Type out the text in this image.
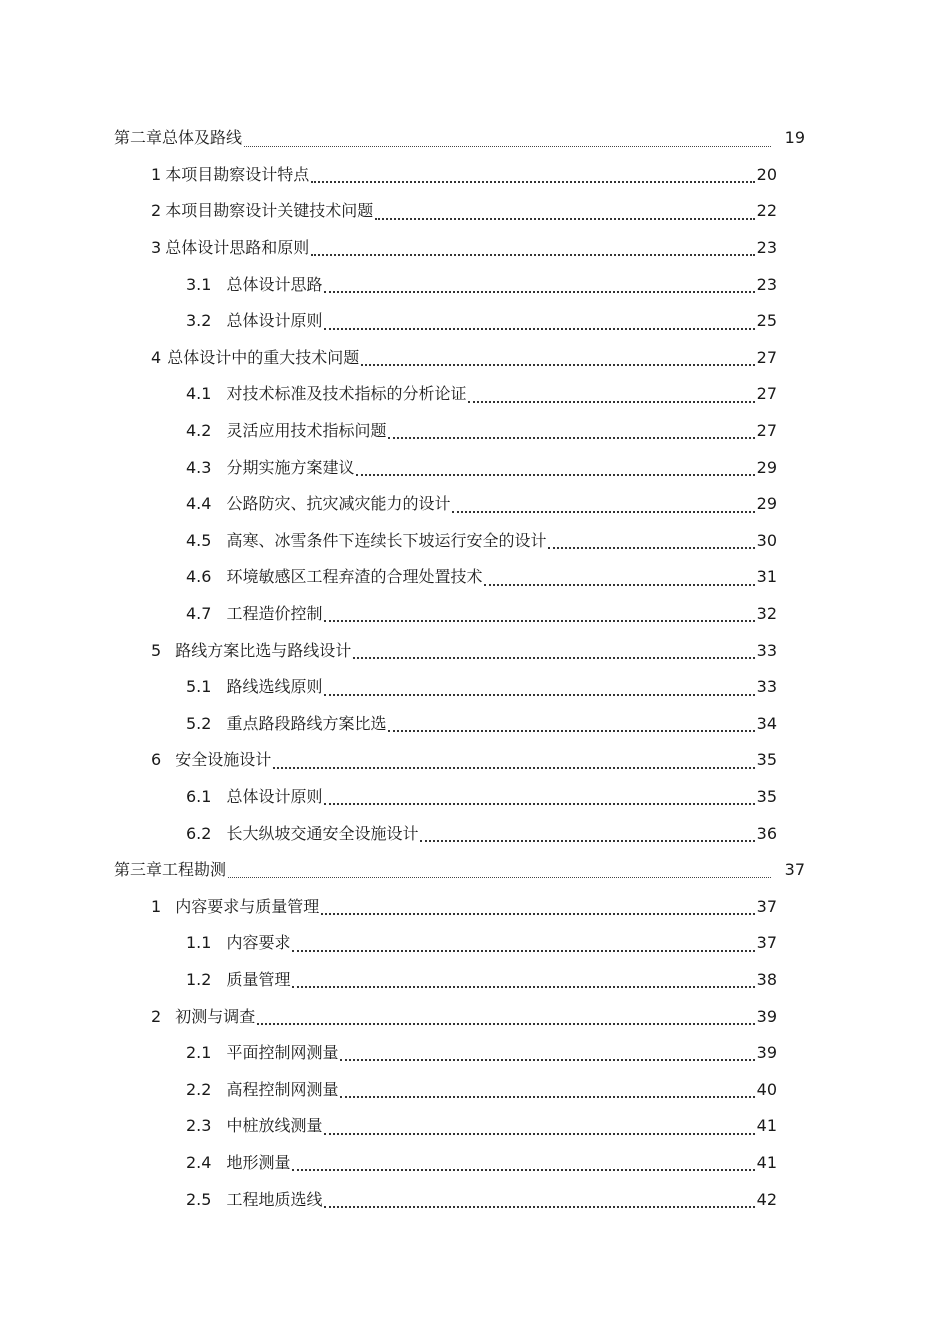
第二章总体及路线	19
1 本项目勘察设计特点	20
2 本项目勘察设计关键技术问题	22
3 总体设计思路和原则	23
3.1 总体设计思路	23
3.2 总体设计原则	25
4 总体设计中的重大技术问题	27
4.1 对技术标准及技术指标的分析论证	27
4.2 灵活应用技术指标问题	27
4.3 分期实施方案建议	29
4.4 公路防灾、抗灾减灾能力的设计	29
4.5 高寒、冰雪条件下连续长下坡运行安全的设计	30
4.6 环境敏感区工程弃渣的合理处置技术	31
4.7 工程造价控制	32
5 路线方案比选与路线设计	33
5.1 路线选线原则	33
5.2 重点路段路线方案比选	34
6 安全设施设计	35
6.1 总体设计原则	35
6.2 长大纵坡交通安全设施设计	36
第三章工程勘测	37
1 内容要求与质量管理	37
1.1 内容要求	37
1.2 质量管理	38
2 初测与调查	39
2.1 平面控制网测量	39
2.2 高程控制网测量	40
2.3 中桩放线测量	41
2.4 地形测量	41
2.5 工程地质选线	42
